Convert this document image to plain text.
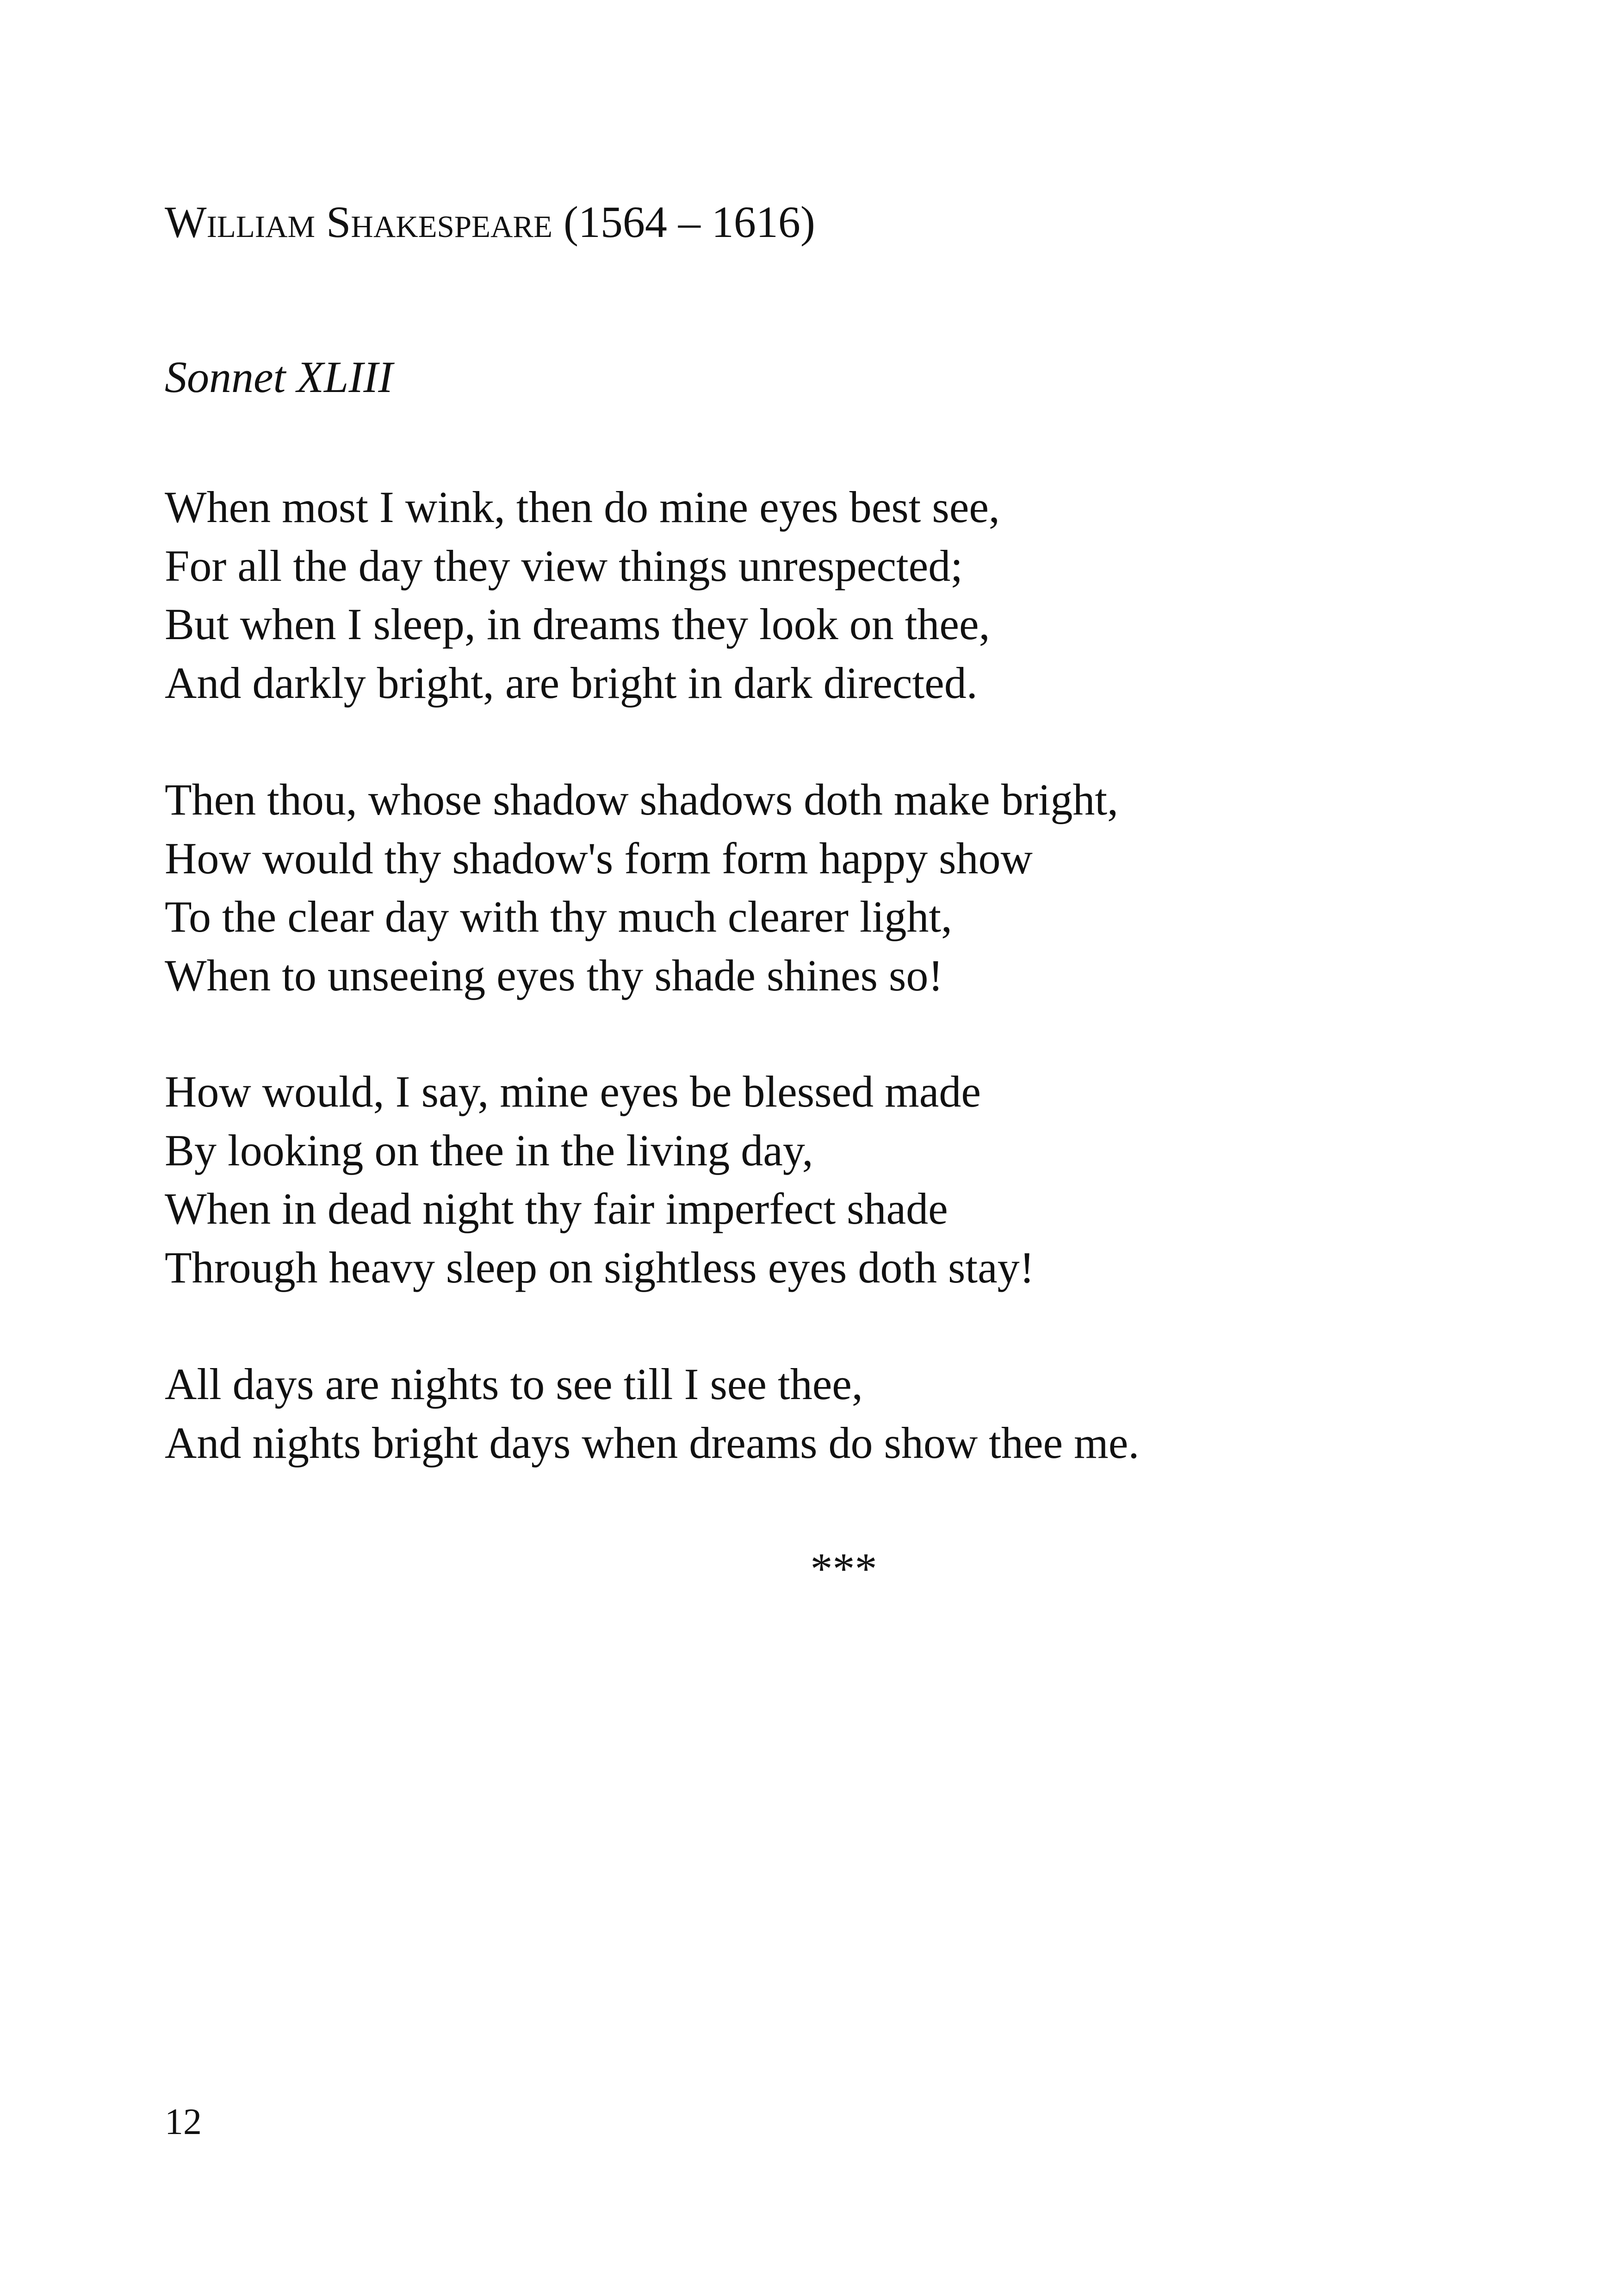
William Shakespeare (1564 – 1616)
Sonnet XLIII
When most I wink, then do mine eyes best see,
For all the day they view things unrespected;
But when I sleep, in dreams they look on thee,
And darkly bright, are bright in dark directed.
Then thou, whose shadow shadows doth make bright,
How would thy shadow's form form happy show
To the clear day with thy much clearer light,
When to unseeing eyes thy shade shines so!
How would, I say, mine eyes be blessed made
By looking on thee in the living day,
When in dead night thy fair imperfect shade
Through heavy sleep on sightless eyes doth stay!
All days are nights to see till I see thee,
And nights bright days when dreams do show thee me.
***
12
